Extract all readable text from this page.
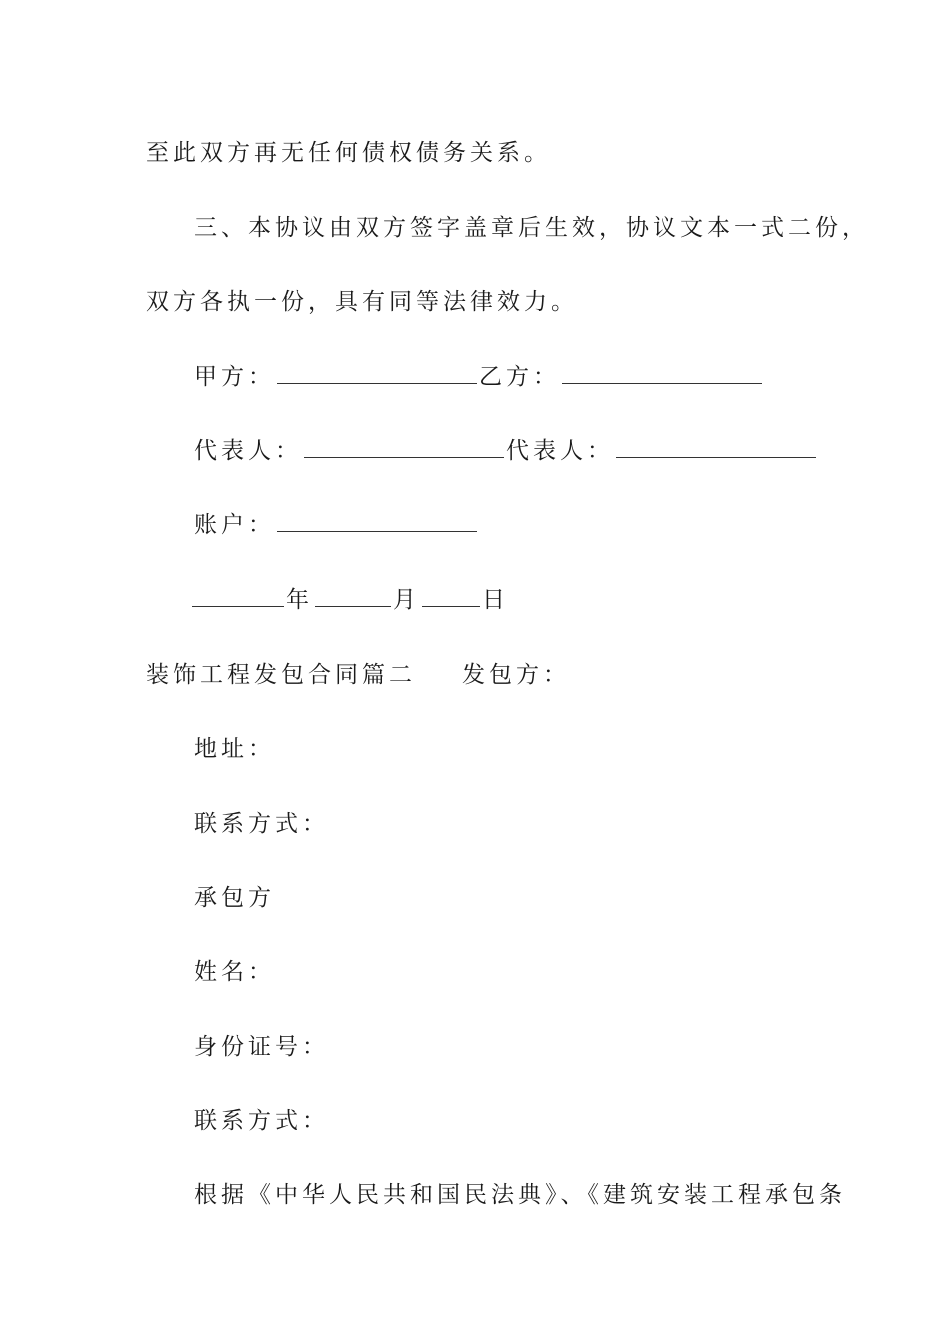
至此双方再无任何债权债务关系。
三、本协议由双方签字盖章后生效，协议文本一式二份，
双方各执一份，具有同等法律效力。
甲方：	乙方：
代表人：	代表人：
账户：
年	月	日
装饰工程发包合同篇二 发包方：
地址：
联系方式：
承包方
姓名：
身份证号：
联系方式：
根据《中华人民共和国民法典》、《建筑安装工程承包条
